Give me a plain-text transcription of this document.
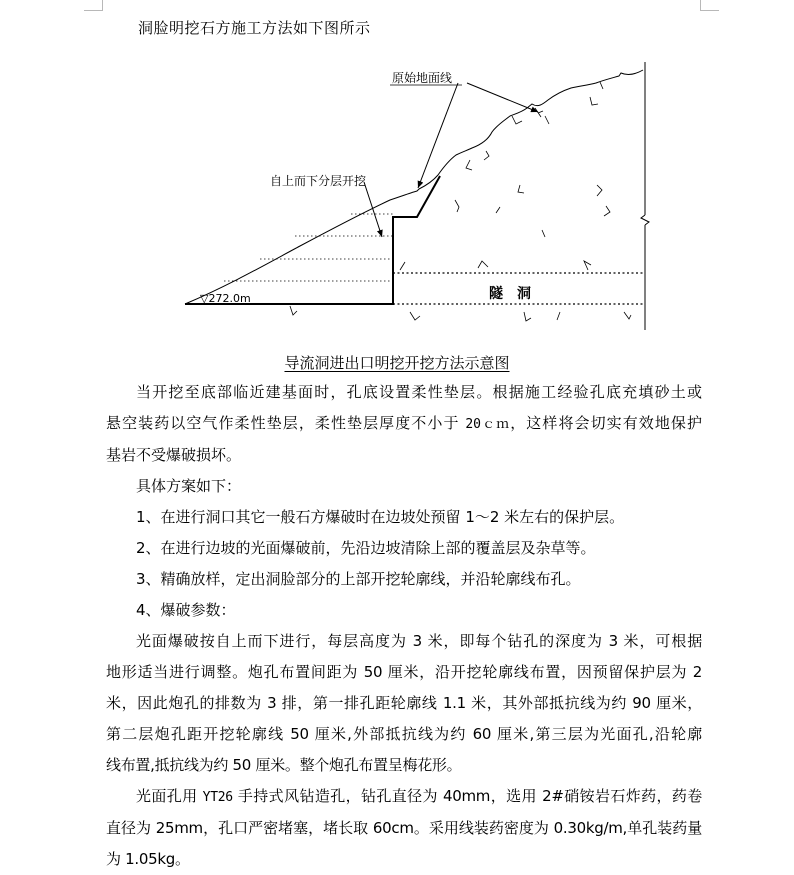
洞脸明挖石方施工方法如下图所示
原始地面线
自上而下分层开挖
▽272.0m	隧　洞
导流洞进出口明挖开挖方法示意图

当开挖至底部临近建基面时，孔底设置柔性垫层。根据施工经验孔底充填砂土或

悬空装药以空气作柔性垫层，柔性垫层厚度不小于 20ｃｍ，这样将会切实有效地保护

基岩不受爆破损坏。

具体方案如下：

1、在进行洞口其它一般石方爆破时在边坡处预留 1～2 米左右的保护层。

2、在进行边坡的光面爆破前，先沿边坡清除上部的覆盖层及杂草等。

3、精确放样，定出洞脸部分的上部开挖轮廓线，并沿轮廓线布孔。

4、爆破参数：

光面爆破按自上而下进行，每层高度为 3 米，即每个钻孔的深度为 3 米，可根据

地形适当进行调整。炮孔布置间距为 50 厘米，沿开挖轮廓线布置，因预留保护层为 2

米，因此炮孔的排数为 3 排，第一排孔距轮廓线 1.1 米，其外部抵抗线为约 90 厘米，

第二层炮孔距开挖轮廓线 50 厘米,外部抵抗线为约 60 厘米,第三层为光面孔,沿轮廓

线布置,抵抗线为约 50 厘米。整个炮孔布置呈梅花形。

光面孔用 YT26 手持式风钻造孔，钻孔直径为 40mm，选用 2#硝铵岩石炸药，药卷

直径为 25mm，孔口严密堵塞，堵长取 60cm。采用线装药密度为 0.30kg/m,单孔装药量

为 1.05kg。
